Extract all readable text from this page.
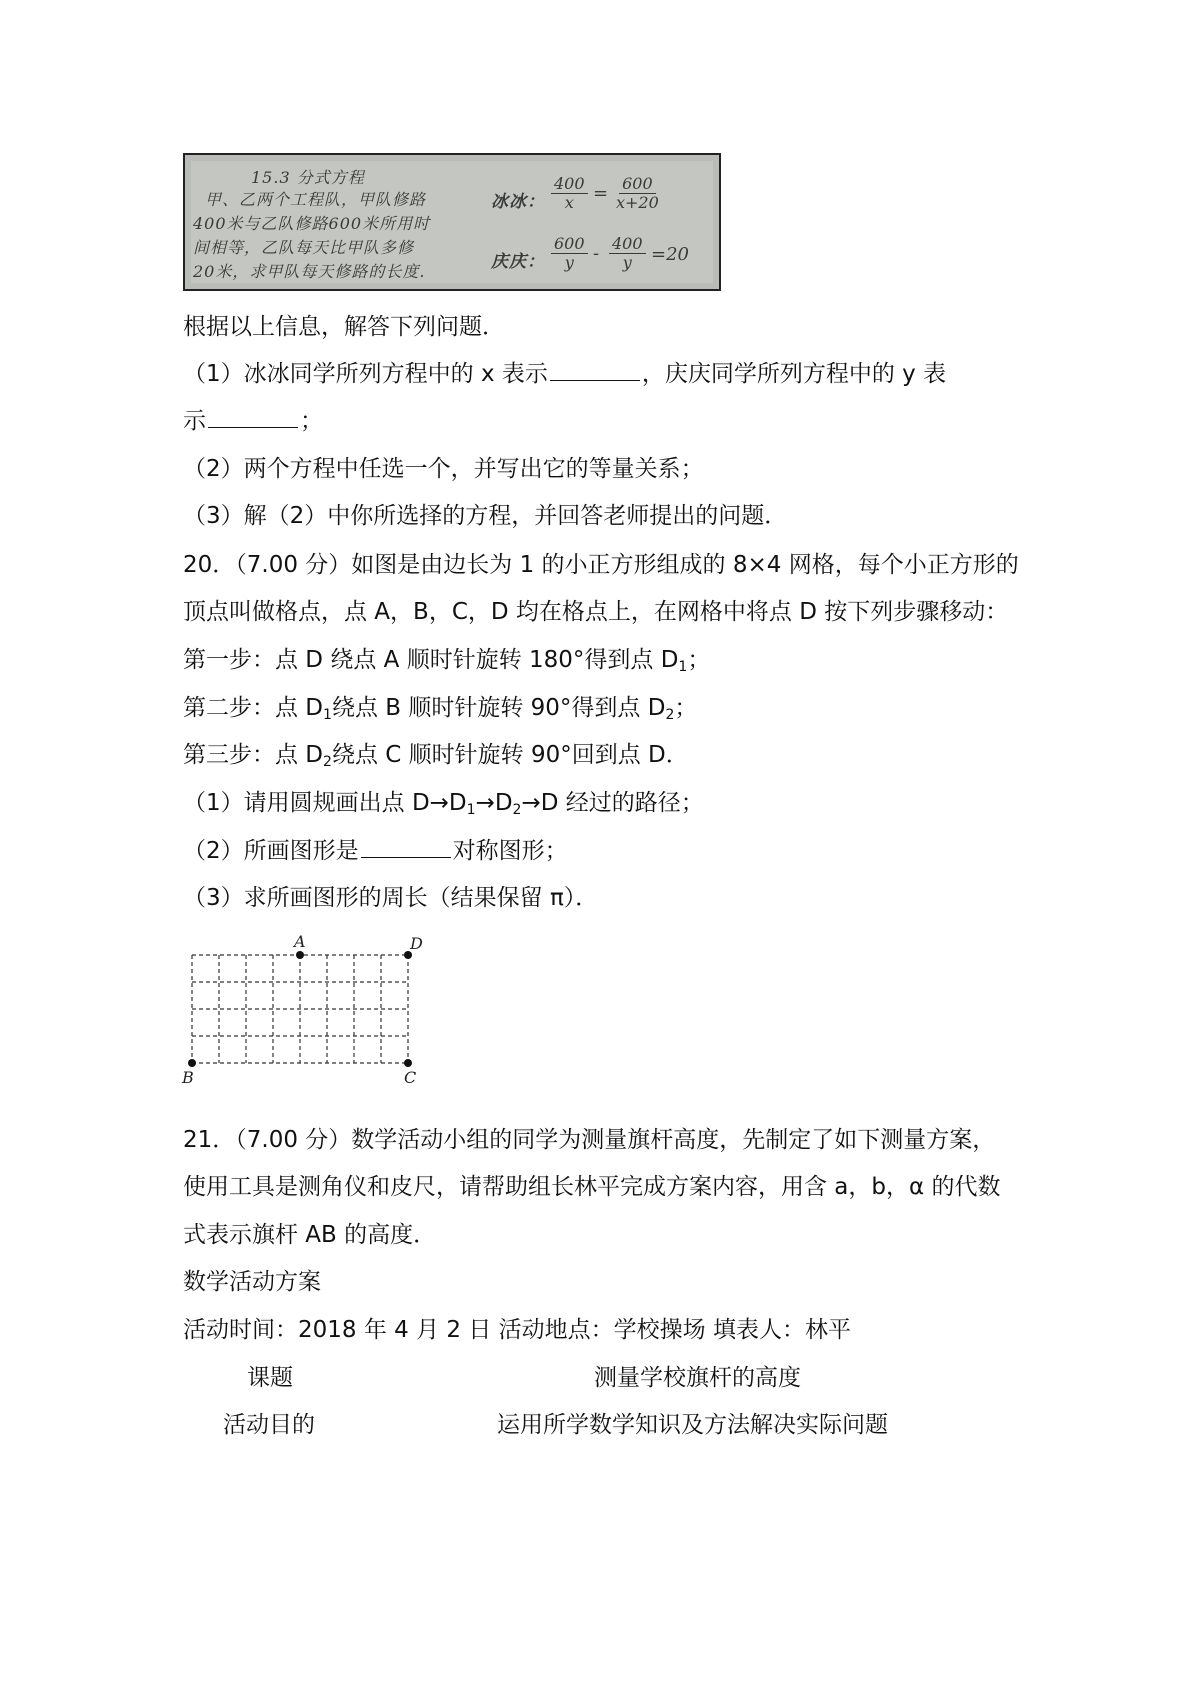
15.3 分式方程
甲、乙两个工程队，甲队修路
400米与乙队修路600米所用时
间相等，乙队每天比甲队多修
20米，求甲队每天修路的长度.
冰冰： $\frac{400}{x} = \frac{600}{x+20}$
庆庆： $\frac{600}{y} - \frac{400}{y} =20$
根据以上信息，解答下列问题．
（1）冰冰同学所列方程中的 x 表示	，庆庆同学所列方程中的 y 表
示	；
（2）两个方程中任选一个，并写出它的等量关系；
（3）解（2）中你所选择的方程，并回答老师提出的问题．
20．（7.00 分）如图是由边长为 1 的小正方形组成的 8×4 网格，每个小正方形的
顶点叫做格点，点 A，B，C，D 均在格点上，在网格中将点 D 按下列步骤移动：
第一步：点 D 绕点 A 顺时针旋转 180°得到点 $D_1$；
第二步：点 $D_1$绕点 B 顺时针旋转 90°得到点 $D_2$；
第三步：点 $D_2$绕点 C 顺时针旋转 90°回到点 D．
（1）请用圆规画出点 $D\to D_1\to D_2\to D$ 经过的路径；
（2）所画图形是	对称图形；
（3）求所画图形的周长（结果保留 π）．
A	D
B	C
21．（7.00 分）数学活动小组的同学为测量旗杆高度，先制定了如下测量方案，
使用工具是测角仪和皮尺，请帮助组长林平完成方案内容，用含 a，b，α 的代数
式表示旗杆 AB 的高度．
数学活动方案
活动时间：2018 年 4 月 2 日 活动地点：学校操场 填表人：林平
课题	测量学校旗杆的高度
活动目的	运用所学数学知识及方法解决实际问题
